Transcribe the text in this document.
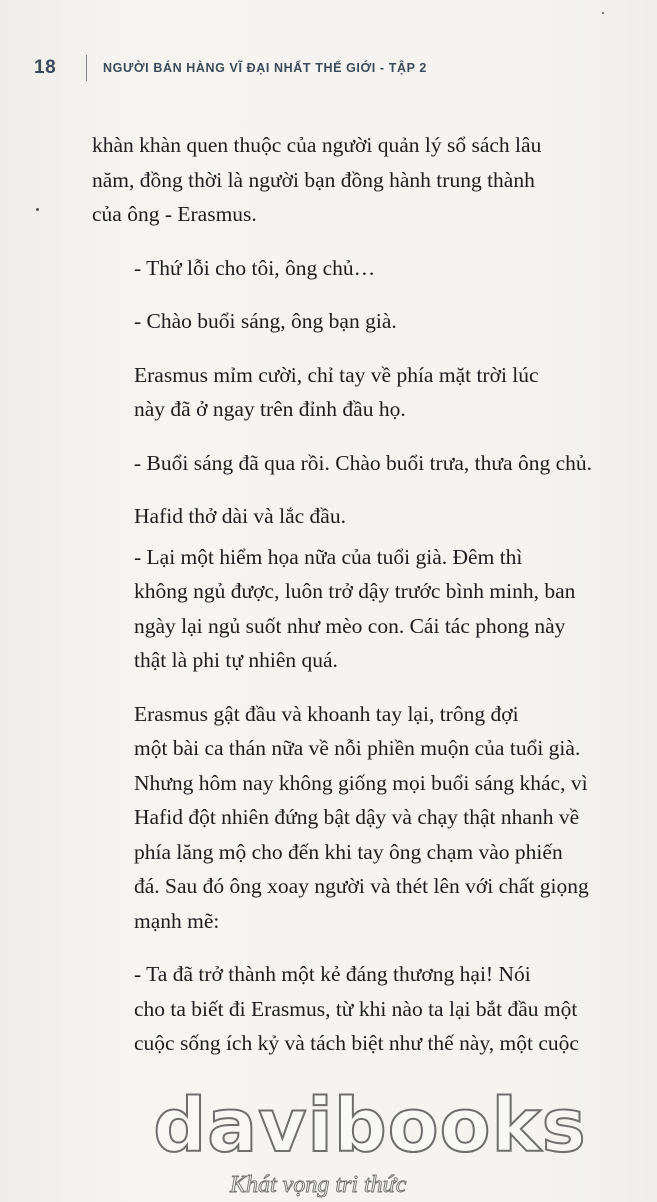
18	NGƯỜI BÁN HÀNG VĨ ĐẠI NHẤT THẾ GIỚI - TẬP 2

khàn khàn quen thuộc của người quản lý sổ sách lâu
năm, đồng thời là người bạn đồng hành trung thành
của ông - Erasmus.

- Thứ lỗi cho tôi, ông chủ…

- Chào buổi sáng, ông bạn già.

Erasmus mỉm cười, chỉ tay về phía mặt trời lúc
này đã ở ngay trên đỉnh đầu họ.

- Buổi sáng đã qua rồi. Chào buổi trưa, thưa ông chủ.

Hafid thở dài và lắc đầu.

- Lại một hiểm họa nữa của tuổi già. Đêm thì
không ngủ được, luôn trở dậy trước bình minh, ban
ngày lại ngủ suốt như mèo con. Cái tác phong này
thật là phi tự nhiên quá.

Erasmus gật đầu và khoanh tay lại, trông đợi
một bài ca thán nữa về nỗi phiền muộn của tuổi già.
Nhưng hôm nay không giống mọi buổi sáng khác, vì
Hafid đột nhiên đứng bật dậy và chạy thật nhanh về
phía lăng mộ cho đến khi tay ông chạm vào phiến
đá. Sau đó ông xoay người và thét lên với chất giọng
mạnh mẽ:

- Ta đã trở thành một kẻ đáng thương hại! Nói
cho ta biết đi Erasmus, từ khi nào ta lại bắt đầu một
cuộc sống ích kỷ và tách biệt như thế này, một cuộc

davibooks
Khát vọng tri thức
